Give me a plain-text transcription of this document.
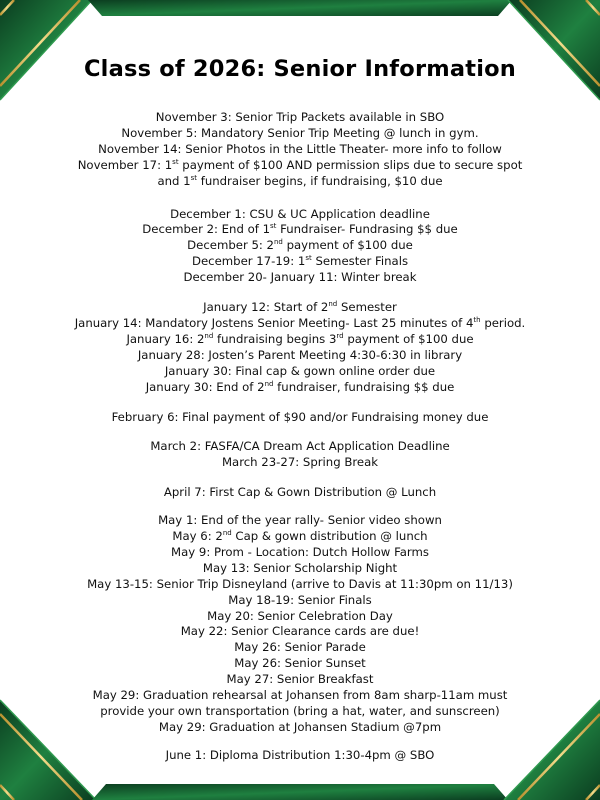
Class of 2026: Senior Information
November 3: Senior Trip Packets available in SBO
November 5: Mandatory Senior Trip Meeting @ lunch in gym.
November 14: Senior Photos in the Little Theater- more info to follow
November 17: 1st payment of $100 AND permission slips due to secure spot
and 1st fundraiser begins, if fundraising, $10 due
December 1: CSU & UC Application deadline
December 2: End of 1st Fundraiser- Fundrasing $$ due
December 5: 2nd payment of $100 due
December 17-19: 1st Semester Finals
December 20- January 11: Winter break
January 12: Start of 2nd Semester
January 14: Mandatory Jostens Senior Meeting- Last 25 minutes of 4th period.
January 16: 2nd fundraising begins 3rd payment of $100 due
January 28: Josten’s Parent Meeting 4:30-6:30 in library
January 30: Final cap & gown online order due
January 30: End of 2nd fundraiser, fundraising $$ due
February 6: Final payment of $90 and/or Fundraising money due
March 2: FASFA/CA Dream Act Application Deadline
March 23-27: Spring Break
April 7: First Cap & Gown Distribution @ Lunch
May 1: End of the year rally- Senior video shown
May 6: 2nd Cap & gown distribution @ lunch
May 9: Prom - Location: Dutch Hollow Farms
May 13: Senior Scholarship Night
May 13-15: Senior Trip Disneyland (arrive to Davis at 11:30pm on 11/13)
May 18-19: Senior Finals
May 20: Senior Celebration Day
May 22: Senior Clearance cards are due!
May 26: Senior Parade
May 26: Senior Sunset
May 27: Senior Breakfast
May 29: Graduation rehearsal at Johansen from 8am sharp-11am must
provide your own transportation (bring a hat, water, and sunscreen)
May 29: Graduation at Johansen Stadium @7pm
June 1: Diploma Distribution 1:30-4pm @ SBO
